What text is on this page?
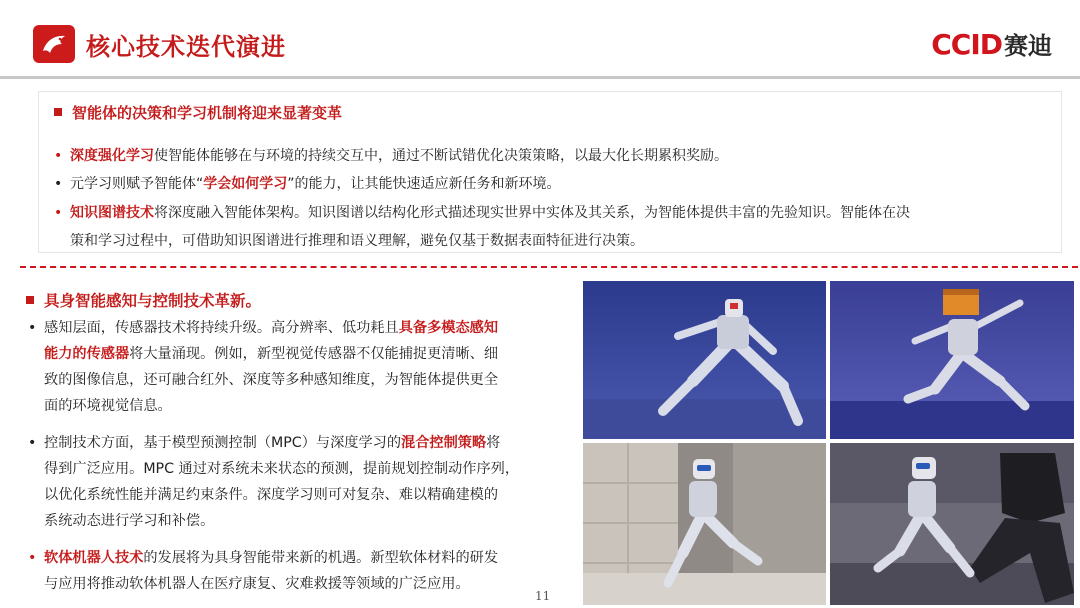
核心技术迭代演进	CCID赛迪
智能体的决策和学习机制将迎来显著变革
• 深度强化学习使智能体能够在与环境的持续交互中，通过不断试错优化决策策略，以最大化长期累积奖励。
• 元学习则赋予智能体“学会如何学习”的能力，让其能快速适应新任务和新环境。
• 知识图谱技术将深度融入智能体架构。知识图谱以结构化形式描述现实世界中实体及其关系，为智能体提供丰富的先验知识。智能体在决
策和学习过程中，可借助知识图谱进行推理和语义理解，避免仅基于数据表面特征进行决策。
具身智能感知与控制技术革新。
• 感知层面，传感器技术将持续升级。高分辨率、低功耗且具备多模态感知
能力的传感器将大量涌现。例如，新型视觉传感器不仅能捕捉更清晰、细
致的图像信息，还可融合红外、深度等多种感知维度，为智能体提供更全
面的环境视觉信息。
• 控制技术方面，基于模型预测控制（MPC）与深度学习的混合控制策略将
得到广泛应用。MPC 通过对系统未来状态的预测，提前规划控制动作序列，
以优化系统性能并满足约束条件。深度学习则可对复杂、难以精确建模的
系统动态进行学习和补偿。
• 软体机器人技术的发展将为具身智能带来新的机遇。新型软体材料的研发
与应用将推动软体机器人在医疗康复、灾难救援等领域的广泛应用。
11
